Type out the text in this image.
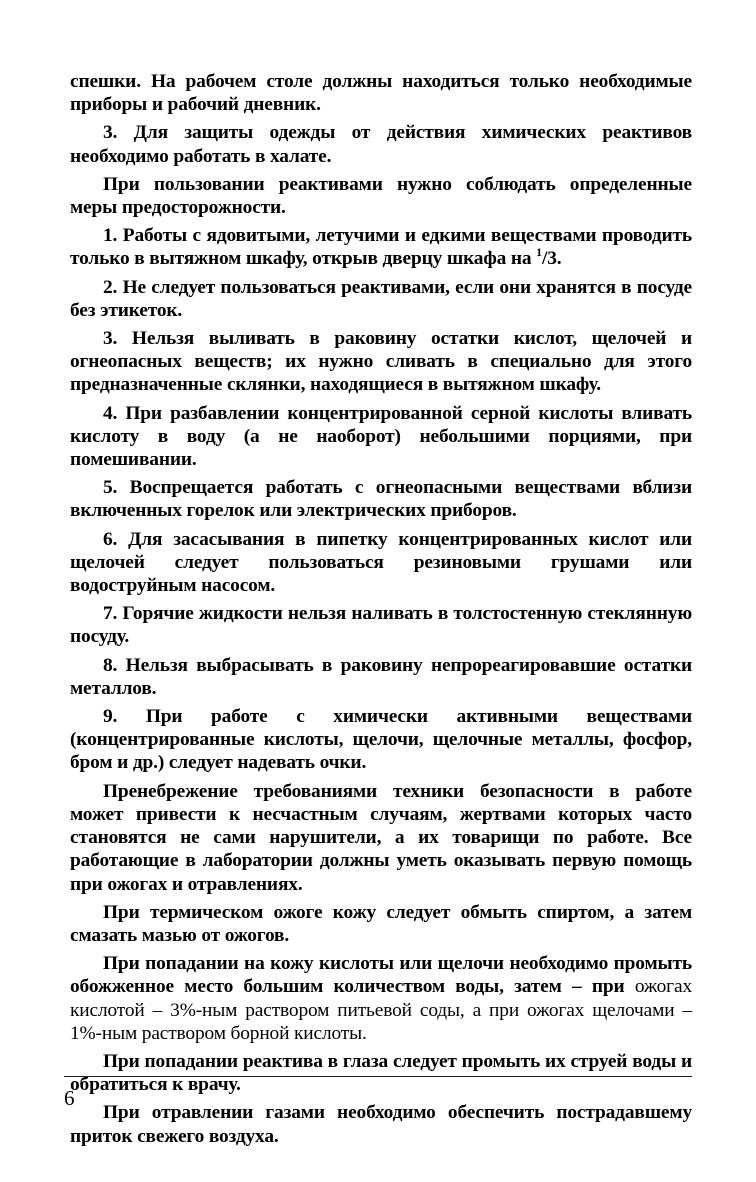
спешки. На рабочем столе должны находиться только необходимые приборы и рабочий дневник.

3. Для защиты одежды от действия химических реактивов необходимо работать в халате.

При пользовании реактивами нужно соблюдать определенные меры предосторожности.

1. Работы с ядовитыми, летучими и едкими веществами проводить только в вытяжном шкафу, открыв дверцу шкафа на $^1$/3.

2. Не следует пользоваться реактивами, если они хранятся в посуде без этикеток.

3. Нельзя выливать в раковину остатки кислот, щелочей и огнеопасных веществ; их нужно сливать в специально для этого предназначенные склянки, находящиеся в вытяжном шкафу.

4. При разбавлении концентрированной серной кислоты вливать кислоту в воду (а не наоборот) небольшими порциями, при помешивании.

5. Воспрещается работать с огнеопасными веществами вблизи включенных горелок или электрических приборов.

6. Для засасывания в пипетку концентрированных кислот или щелочей следует пользоваться резиновыми грушами или водоструйным насосом.

7. Горячие жидкости нельзя наливать в толстостенную стеклянную посуду.

8. Нельзя выбрасывать в раковину непрореагировавшие остатки металлов.

9. При работе с химически активными веществами (концентрированные кислоты, щелочи, щелочные металлы, фосфор, бром и др.) следует надевать очки.

Пренебрежение требованиями техники безопасности в работе может привести к несчастным случаям, жертвами которых часто становятся не сами нарушители, а их товарищи по работе. Все работающие в лаборатории должны уметь оказывать первую помощь при ожогах и отравлениях.

При термическом ожоге кожу следует обмыть спиртом, а затем смазать мазью от ожогов.

При попадании на кожу кислоты или щелочи необходимо промыть обожженное место большим количеством воды, затем – при ожогах кислотой – 3%-ным раствором питьевой соды, а при ожогах щелочами – 1%-ным раствором борной кислоты.

При попадании реактива в глаза следует промыть их струей воды и обратиться к врачу.

При отравлении газами необходимо обеспечить пострадавшему приток свежего воздуха.

6
